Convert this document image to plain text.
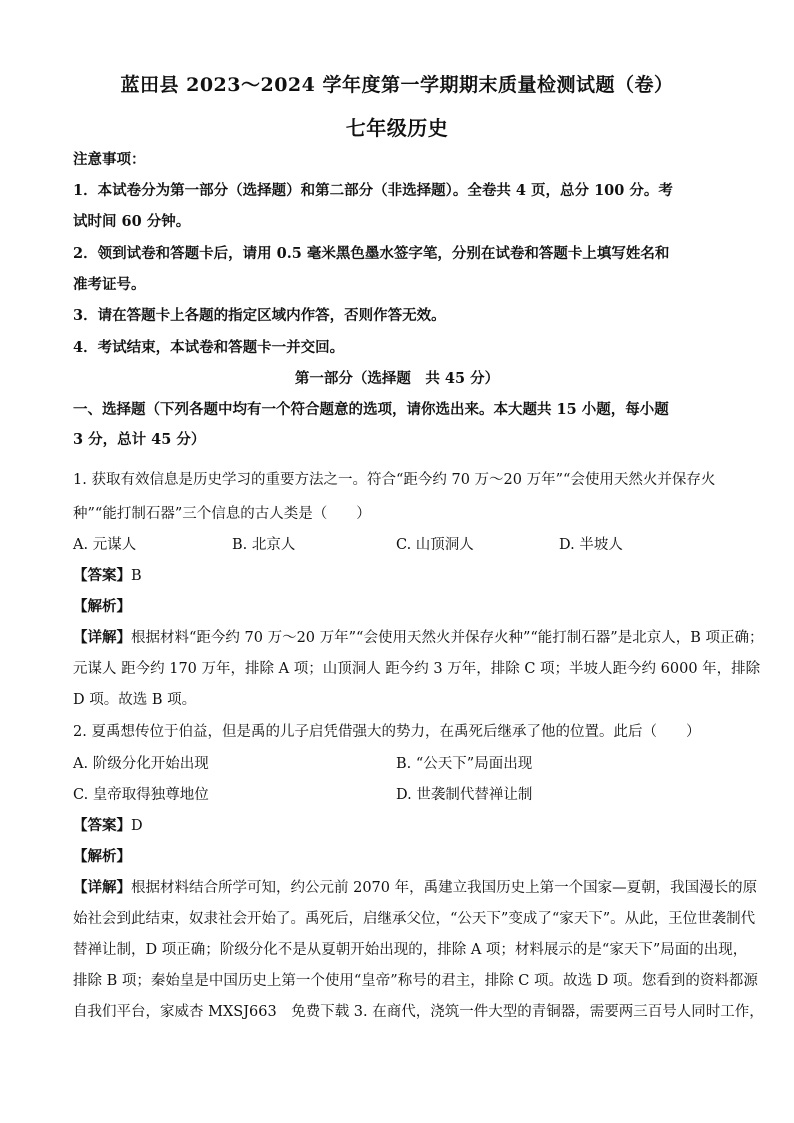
蓝田县 2023～2024 学年度第一学期期末质量检测试题（卷）
七年级历史
注意事项：
1．本试卷分为第一部分（选择题）和第二部分（非选择题）。全卷共 4 页，总分 100 分。考
试时间 60 分钟。
2．领到试卷和答题卡后，请用 0.5 毫米黑色墨水签字笔，分别在试卷和答题卡上填写姓名和
准考证号。
3．请在答题卡上各题的指定区域内作答，否则作答无效。
4．考试结束，本试卷和答题卡一并交回。
第一部分（选择题　共 45 分）
一、选择题（下列各题中均有一个符合题意的选项，请你选出来。本大题共 15 小题，每小题
3 分，总计 45 分）
1. 获取有效信息是历史学习的重要方法之一。符合“距今约 70 万～20 万年”“会使用天然火并保存火
种”“能打制石器”三个信息的古人类是（　　）
A. 元谋人	B. 北京人	C. 山顶洞人	D. 半坡人
【答案】B
【解析】
【详解】根据材料“距今约 70 万～20 万年”“会使用天然火并保存火种”“能打制石器”是北京人，B 项正确；
元谋人 距今约 170 万年，排除 A 项；山顶洞人 距今约 3 万年，排除 C 项；半坡人距今约 6000 年，排除
D 项。故选 B 项。
2. 夏禹想传位于伯益，但是禹的儿子启凭借强大的势力，在禹死后继承了他的位置。此后（　　）
A. 阶级分化开始出现	B. “公天下”局面出现
C. 皇帝取得独尊地位	D. 世袭制代替禅让制
【答案】D
【解析】
【详解】根据材料结合所学可知，约公元前 2070 年，禹建立我国历史上第一个国家—夏朝，我国漫长的原
始社会到此结束，奴隶社会开始了。禹死后，启继承父位，“公天下”变成了“家天下”。从此，王位世袭制代
替禅让制，D 项正确；阶级分化不是从夏朝开始出现的，排除 A 项；材料展示的是“家天下”局面的出现，
排除 B 项；秦始皇是中国历史上第一个使用“皇帝”称号的君主，排除 C 项。故选 D 项。您看到的资料都源
自我们平台，家威杏 MXSJ663　免费下载 3. 在商代，浇筑一件大型的青铜器，需要两三百号人同时工作，
